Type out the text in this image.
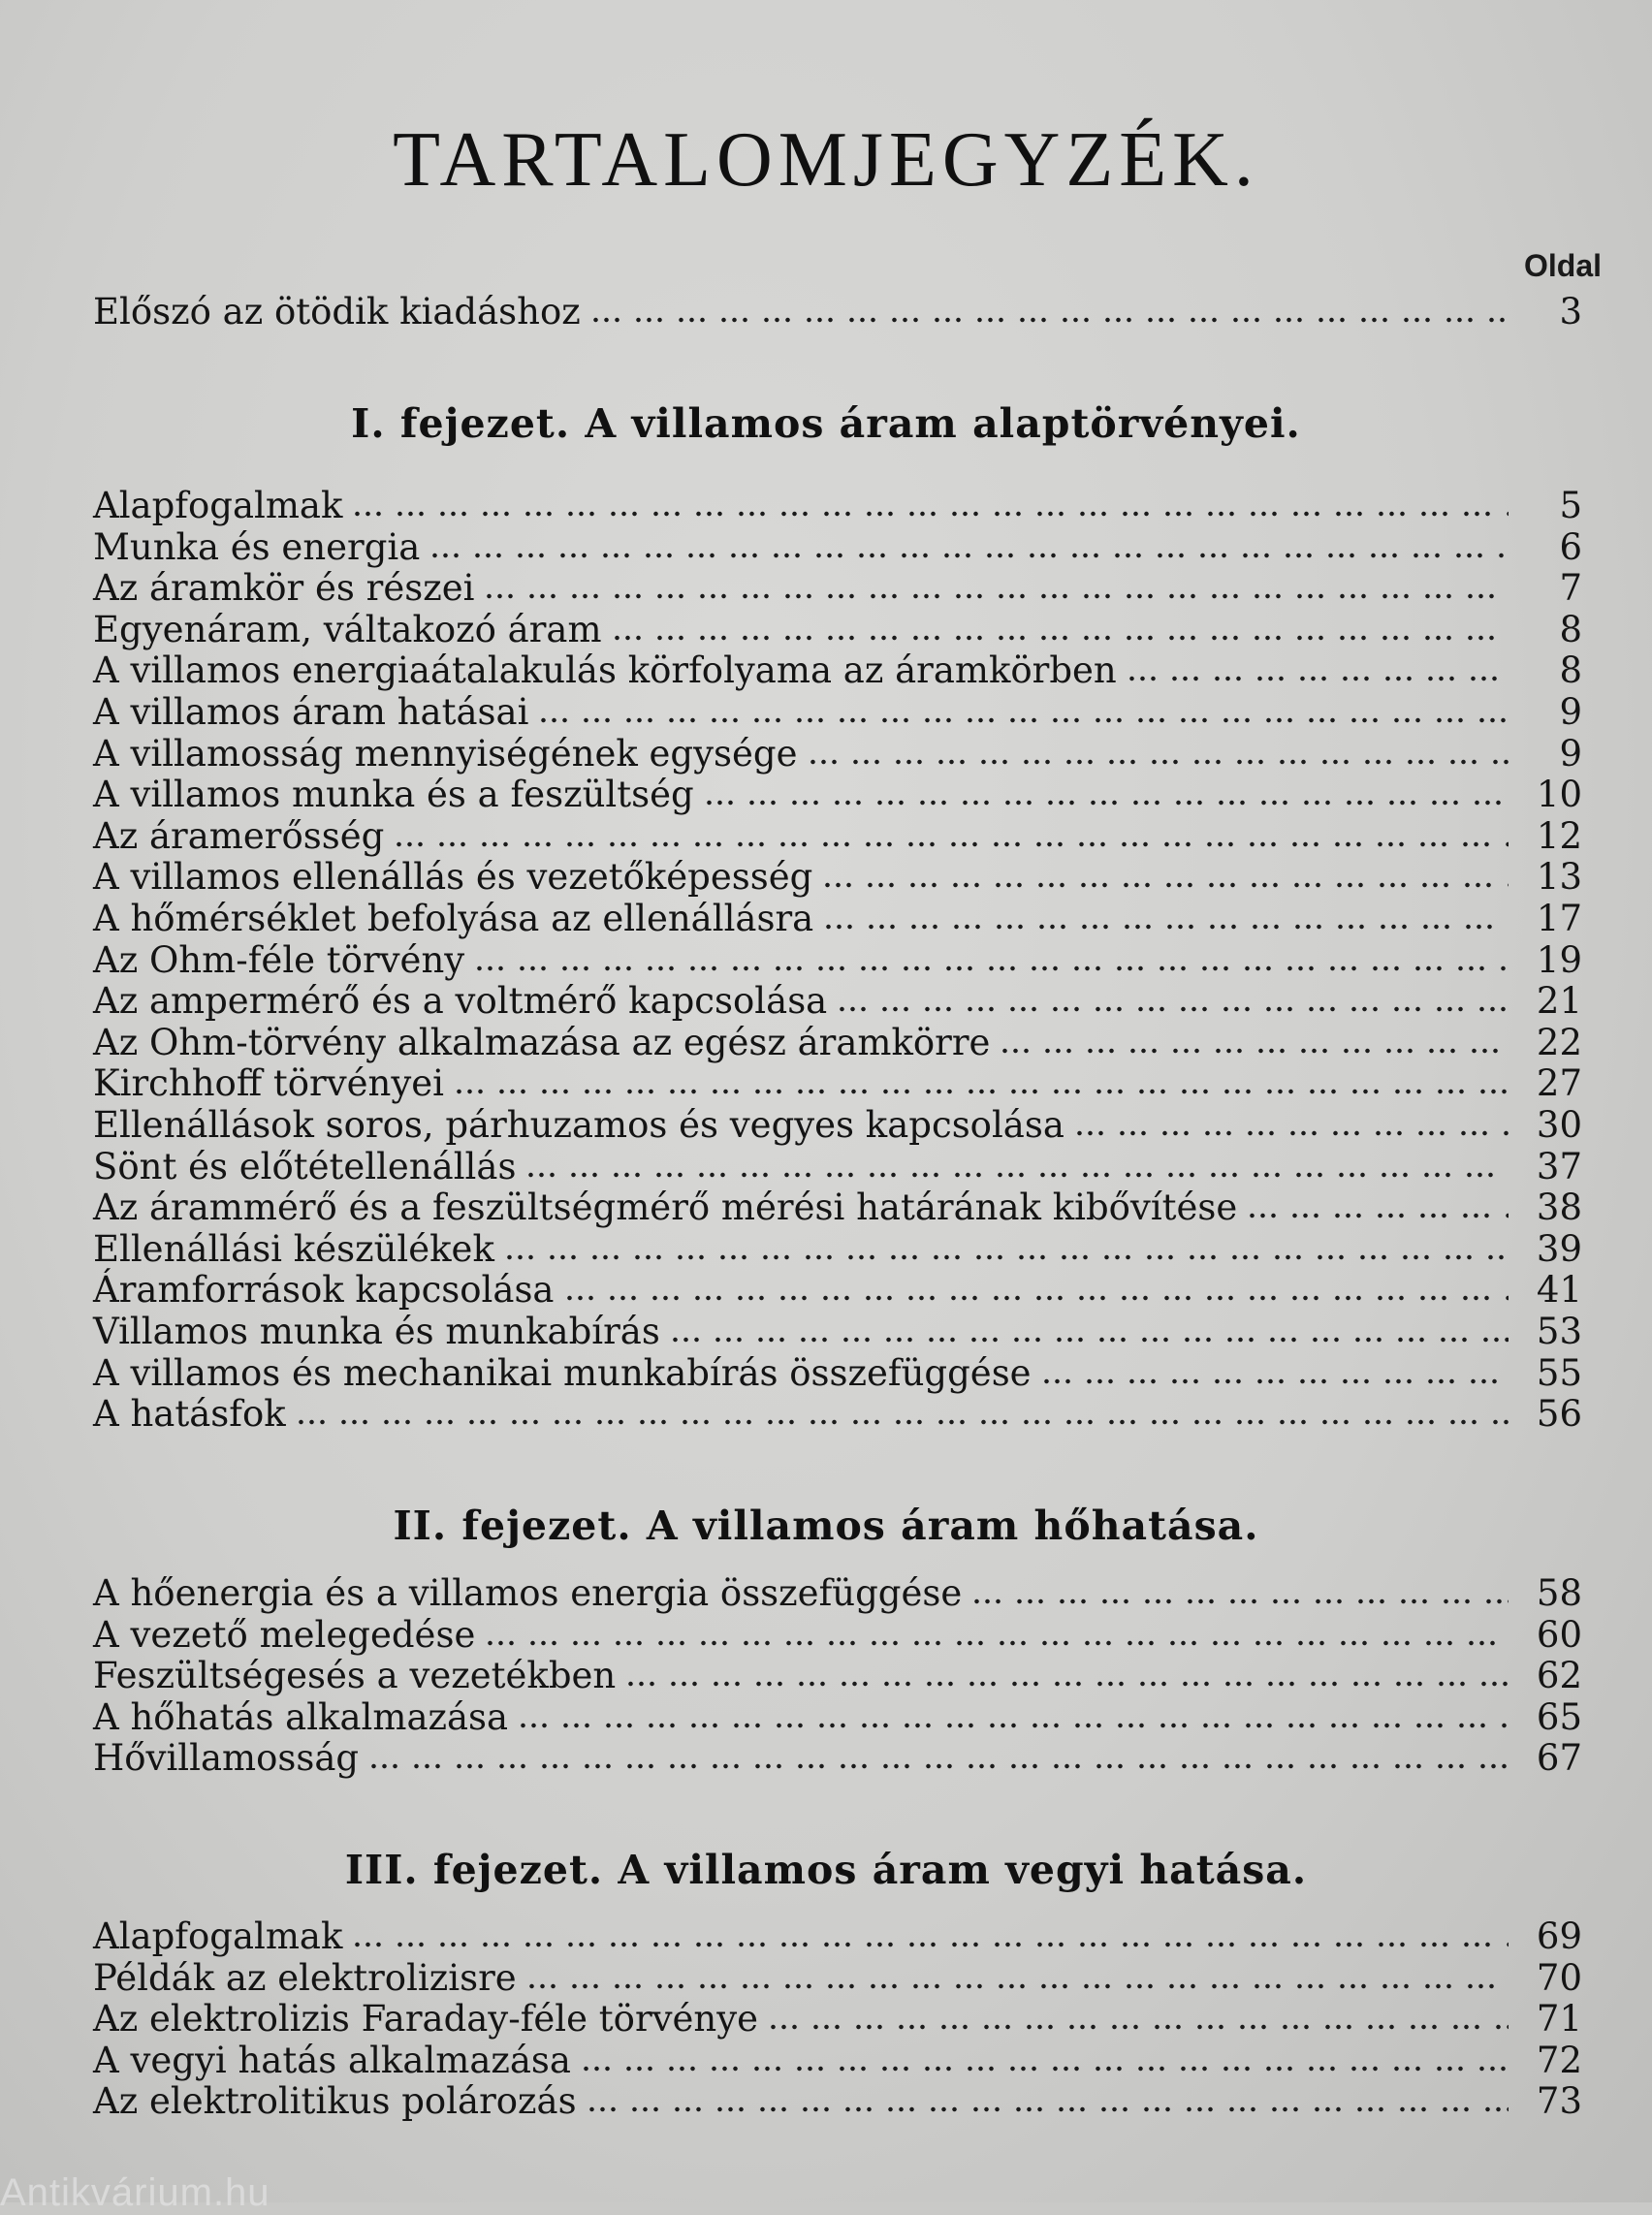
TARTALOMJEGYZÉK.
Oldal
Előszó az ötödik kiadáshoz	3
I. fejezet. A villamos áram alaptörvényei.
Alapfogalmak	5
Munka és energia	6
Az áramkör és részei	7
Egyenáram, váltakozó áram	8
A villamos energiaátalakulás körfolyama az áramkörben	8
A villamos áram hatásai	9
A villamosság mennyiségének egysége	9
A villamos munka és a feszültség	10
Az áramerősség	12
A villamos ellenállás és vezetőképesség	13
A hőmérséklet befolyása az ellenállásra	17
Az Ohm-féle törvény	19
Az ampermérő és a voltmérő kapcsolása	21
Az Ohm-törvény alkalmazása az egész áramkörre	22
Kirchhoff törvényei	27
Ellenállások soros, párhuzamos és vegyes kapcsolása	30
Sönt és előtétellenállás	37
Az árammérő és a feszültségmérő mérési határának kibővítése	38
Ellenállási készülékek	39
Áramforrások kapcsolása	41
Villamos munka és munkabírás	53
A villamos és mechanikai munkabírás összefüggése	55
A hatásfok	56
II. fejezet. A villamos áram hőhatása.
A hőenergia és a villamos energia összefüggése	58
A vezető melegedése	60
Feszültségesés a vezetékben	62
A hőhatás alkalmazása	65
Hővillamosság	67
III. fejezet. A villamos áram vegyi hatása.
Alapfogalmak	69
Példák az elektrolizisre	70
Az elektrolizis Faraday-féle törvénye	71
A vegyi hatás alkalmazása	72
Az elektrolitikus polározás	73
Antikvárium.hu
